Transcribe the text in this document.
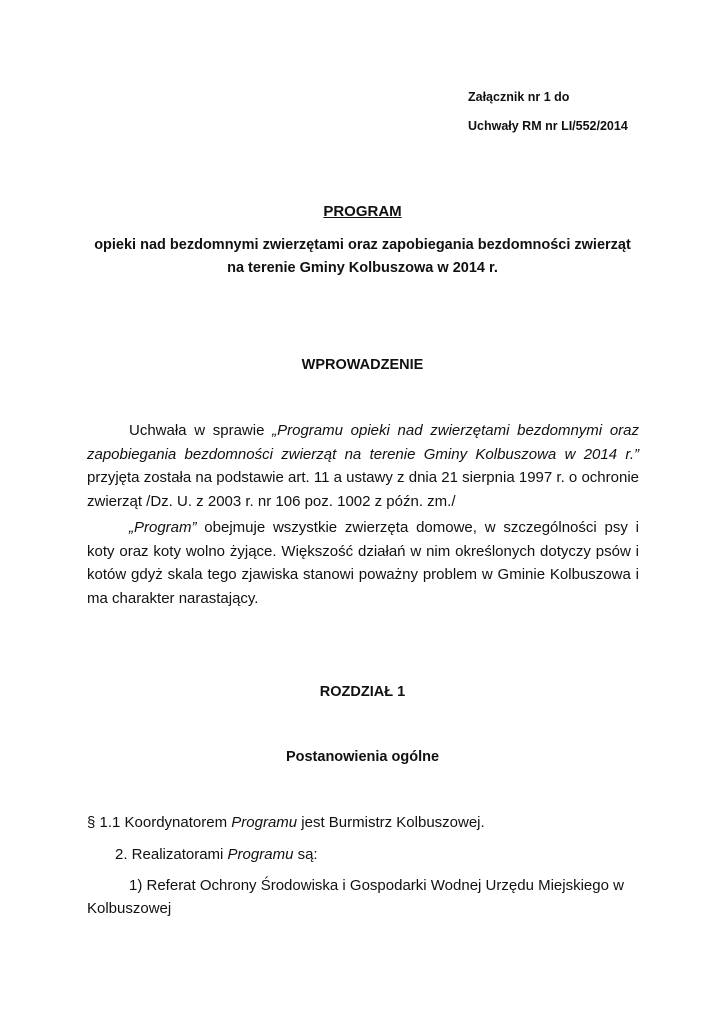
Załącznik nr 1 do
Uchwały RM nr LI/552/2014
PROGRAM
opieki nad bezdomnymi zwierzętami oraz zapobiegania bezdomności zwierząt
na terenie Gminy Kolbuszowa w 2014 r.
WPROWADZENIE
Uchwała w sprawie „Programu opieki nad zwierzętami bezdomnymi oraz zapobiegania bezdomności zwierząt na terenie Gminy Kolbuszowa w 2014 r.” przyjęta została na podstawie art. 11 a ustawy z dnia 21 sierpnia 1997 r. o ochronie zwierząt /Dz. U. z 2003 r. nr 106 poz. 1002 z późn. zm./
„Program” obejmuje wszystkie zwierzęta domowe, w szczególności psy i koty oraz koty wolno żyjące. Większość działań w nim określonych dotyczy psów i kotów gdyż skala tego zjawiska stanowi poważny problem w Gminie Kolbuszowa i ma charakter narastający.
ROZDZIAŁ 1
Postanowienia ogólne
§ 1.1 Koordynatorem Programu jest Burmistrz Kolbuszowej.
2. Realizatorami Programu są:
1) Referat Ochrony Środowiska i Gospodarki Wodnej Urzędu Miejskiego w
Kolbuszowej
